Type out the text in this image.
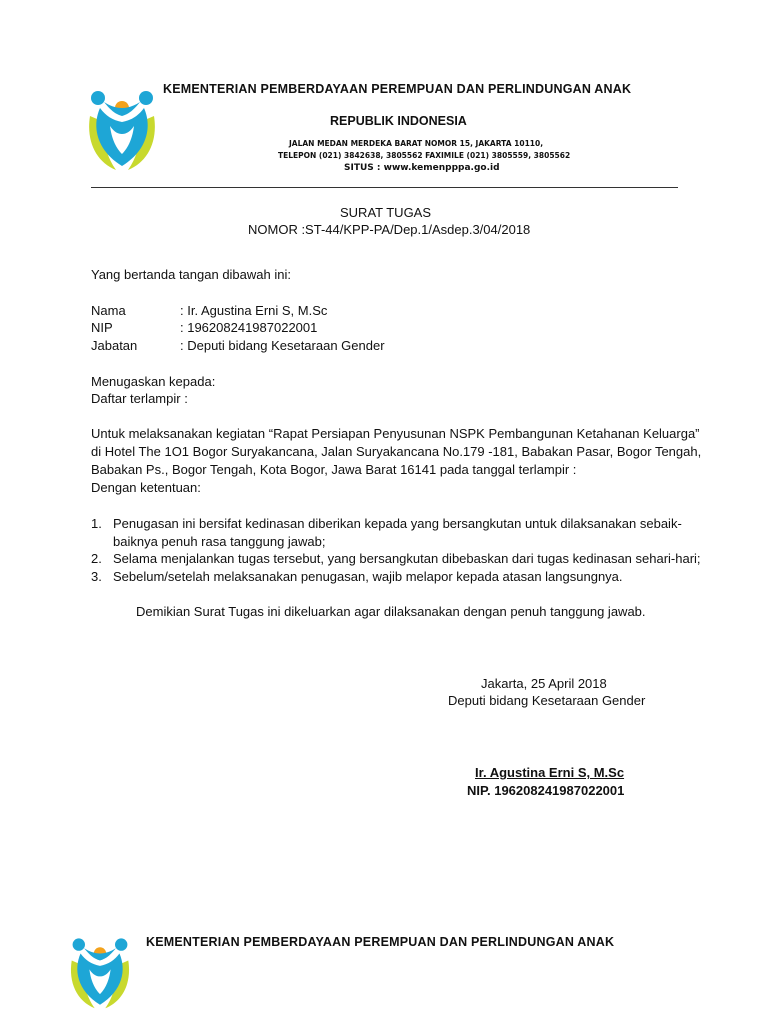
KEMENTERIAN PEMBERDAYAAN PEREMPUAN DAN PERLINDUNGAN ANAK
REPUBLIK INDONESIA
JALAN MEDAN MERDEKA BARAT NOMOR 15, JAKARTA 10110,
TELEPON (021) 3842638, 3805562 FAXIMILE (021) 3805559, 3805562
SITUS : www.kemenpppa.go.id
SURAT TUGAS
NOMOR :ST-44/KPP-PA/Dep.1/Asdep.3/04/2018
Yang bertanda tangan dibawah ini:
Nama	: Ir. Agustina Erni S, M.Sc
NIP	: 196208241987022001
Jabatan	: Deputi bidang Kesetaraan Gender
Menugaskan kepada:
Daftar terlampir :
Untuk melaksanakan kegiatan “Rapat Persiapan Penyusunan NSPK Pembangunan Ketahanan Keluarga”
di Hotel The 1O1 Bogor Suryakancana, Jalan Suryakancana No.179 -181, Babakan Pasar, Bogor Tengah,
Babakan Ps., Bogor Tengah, Kota Bogor, Jawa Barat 16141 pada tanggal terlampir :
Dengan ketentuan:
1. Penugasan ini bersifat kedinasan diberikan kepada yang bersangkutan untuk dilaksanakan sebaik-
baiknya penuh rasa tanggung jawab;
2. Selama menjalankan tugas tersebut, yang bersangkutan dibebaskan dari tugas kedinasan sehari-hari;
3. Sebelum/setelah melaksanakan penugasan, wajib melapor kepada atasan langsungnya.
Demikian Surat Tugas ini dikeluarkan agar dilaksanakan dengan penuh tanggung jawab.
Jakarta, 25 April 2018
Deputi bidang Kesetaraan Gender
Ir. Agustina Erni S, M.Sc
NIP. 196208241987022001
KEMENTERIAN PEMBERDAYAAN PEREMPUAN DAN PERLINDUNGAN ANAK
